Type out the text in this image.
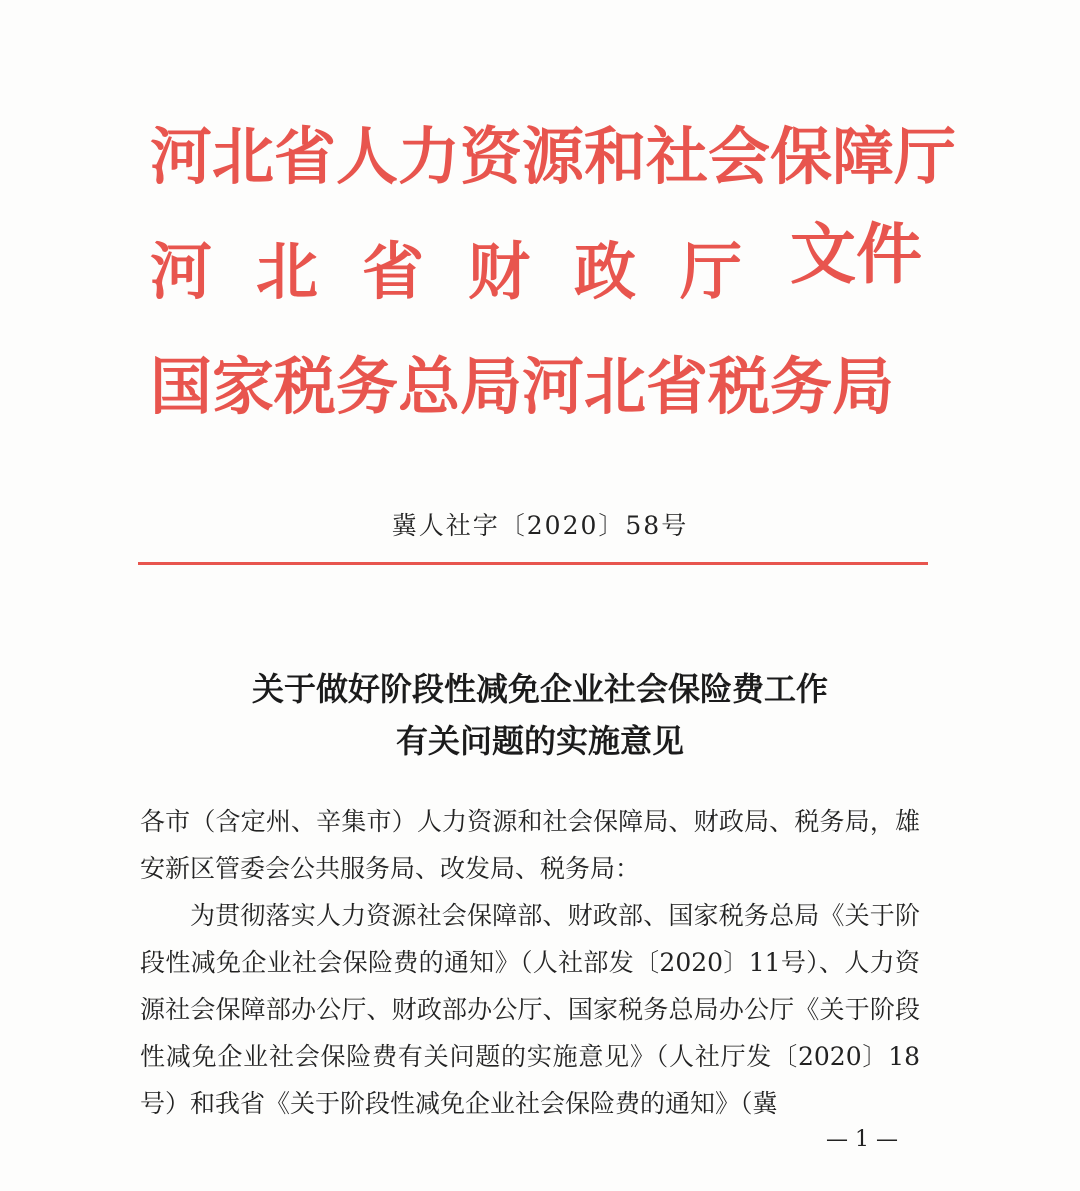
河北省人力资源和社会保障厅
河北省财政厅
国家税务总局河北省税务局
文件
冀人社字〔2020〕58号
关于做好阶段性减免企业社会保险费工作
有关问题的实施意见

各市（含定州、辛集市）人力资源和社会保障局、财政局、税务局，雄安新区管委会公共服务局、改发局、税务局：

为贯彻落实人力资源社会保障部、财政部、国家税务总局《关于阶段性减免企业社会保险费的通知》（人社部发〔2020〕11号）、人力资源社会保障部办公厅、财政部办公厅、国家税务总局办公厅《关于阶段性减免企业社会保险费有关问题的实施意见》（人社厅发〔2020〕18号）和我省《关于阶段性减免企业社会保险费的通知》（冀

— 1 —
